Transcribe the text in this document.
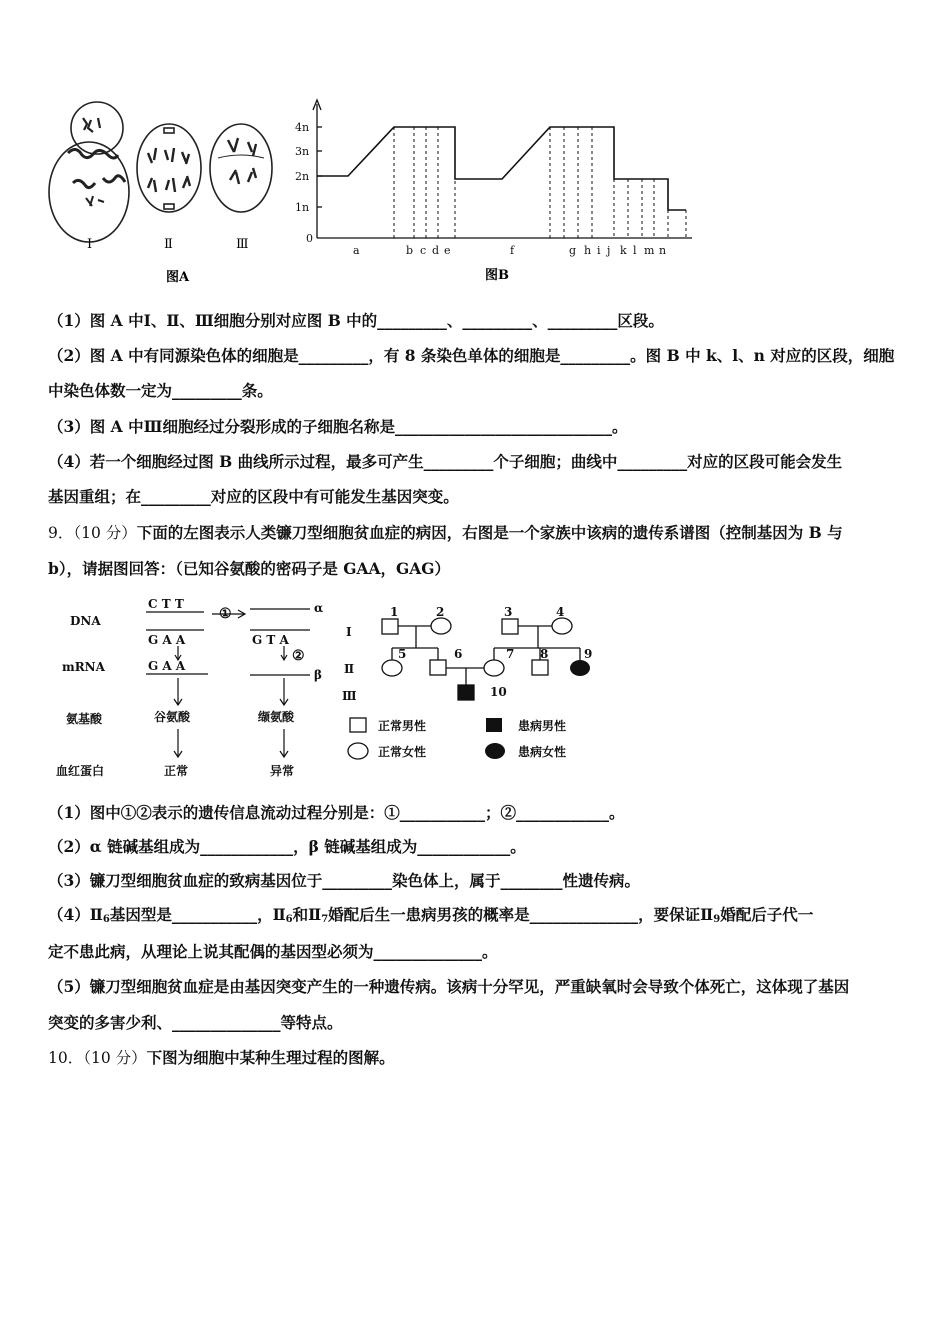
Ⅰ	Ⅱ	Ⅲ
图A
0
1n
2n
3n
4n
a	b c d e	f	g h i j k l m n
图B
（1）图 A 中Ⅰ、Ⅱ、Ⅲ细胞分别对应图 B 中的_________、_________、_________区段。
（2）图 A 中有同源染色体的细胞是_________，有 8 条染色单体的细胞是_________。图 B 中 k、l、n 对应的区段，细胞
中染色体数一定为_________条。
（3）图 A 中Ⅲ细胞经过分裂形成的子细胞名称是____________________________。
（4）若一个细胞经过图 B 曲线所示过程，最多可产生_________个子细胞；曲线中_________对应的区段可能会发生
基因重组；在_________对应的区段中有可能发生基因突变。
9．（10 分）下面的左图表示人类镰刀型细胞贫血症的病因，右图是一个家族中该病的遗传系谱图（控制基因为 B 与
b），请据图回答：（已知谷氨酸的密码子是 GAA，GAG）
DNA
mRNA
氨基酸
血红蛋白
C T T
G A A
G A A
G T A
①
②
α
β
谷氨酸	缬氨酸
正常	异常
Ⅰ
Ⅱ
Ⅲ
1	2	3	4
5	6	7 8	9
10
正常男性	患病男性
正常女性	患病女性
（1）图中①②表示的遗传信息流动过程分别是：①___________；②____________。
（2）α 链碱基组成为____________，β 链碱基组成为____________。
（3）镰刀型细胞贫血症的致病基因位于_________染色体上，属于________性遗传病。
$(4)Ⅱ_6$基因型是___________，$Ⅱ_6$和$Ⅱ_7$婚配后生一患病男孩的概率是______________，要保证$Ⅱ_9$婚配后子代一
定不患此病，从理论上说其配偶的基因型必须为______________。
（5）镰刀型细胞贫血症是由基因突变产生的一种遗传病。该病十分罕见，严重缺氧时会导致个体死亡，这体现了基因
突变的多害少利、______________等特点。
10．（10 分）下图为细胞中某种生理过程的图解。
